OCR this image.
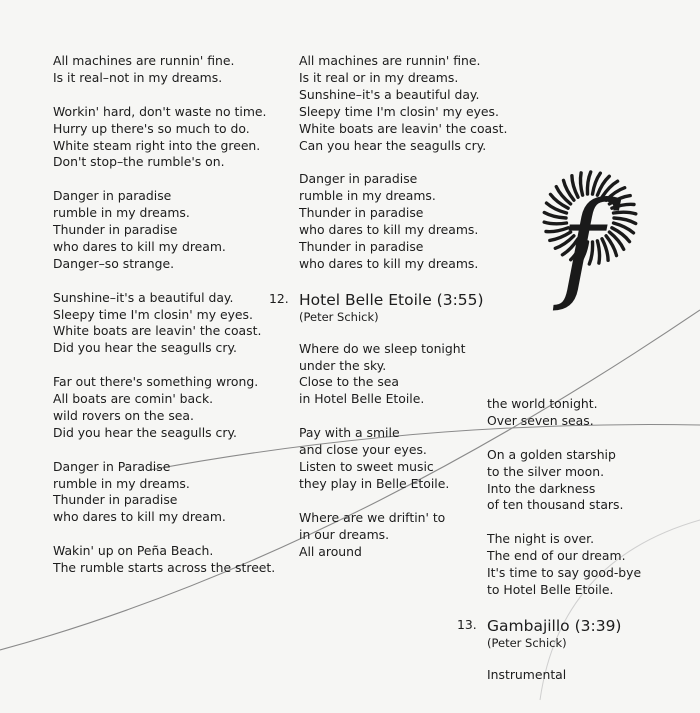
All machines are runnin' fine.
Is it real–not in my dreams.
Workin' hard, don't waste no time.
Hurry up there's so much to do.
White steam right into the green.
Don't stop–the rumble's on.
Danger in paradise
rumble in my dreams.
Thunder in paradise
who dares to kill my dream.
Danger–so strange.
Sunshine–it's a beautiful day.
Sleepy time I'm closin' my eyes.
White boats are leavin' the coast.
Did you hear the seagulls cry.
Far out there's something wrong.
All boats are comin' back.
wild rovers on the sea.
Did you hear the seagulls cry.
Danger in Paradise
rumble in my dreams.
Thunder in paradise
who dares to kill my dream.
Wakin' up on Peña Beach.
The rumble starts across the street.
All machines are runnin' fine.
Is it real or in my dreams.
Sunshine–it's a beautiful day.
Sleepy time I'm closin' my eyes.
White boats are leavin' the coast.
Can you hear the seagulls cry.
Danger in paradise
rumble in my dreams.
Thunder in paradise
who dares to kill my dreams.
Thunder in paradise
who dares to kill my dreams.
12. Hotel Belle Etoile (3:55)
(Peter Schick)
Where do we sleep tonight
under the sky.
Close to the sea
in Hotel Belle Etoile.
Pay with a smile
and close your eyes.
Listen to sweet music
they play in Belle Etoile.
Where are we driftin' to
in our dreams.
All around
the world tonight.
Over seven seas.
On a golden starship
to the silver moon.
Into the darkness
of ten thousand stars.
The night is over.
The end of our dream.
It's time to say good-bye
to Hotel Belle Etoile.
13. Gambajillo (3:39)
(Peter Schick)
Instrumental
f
